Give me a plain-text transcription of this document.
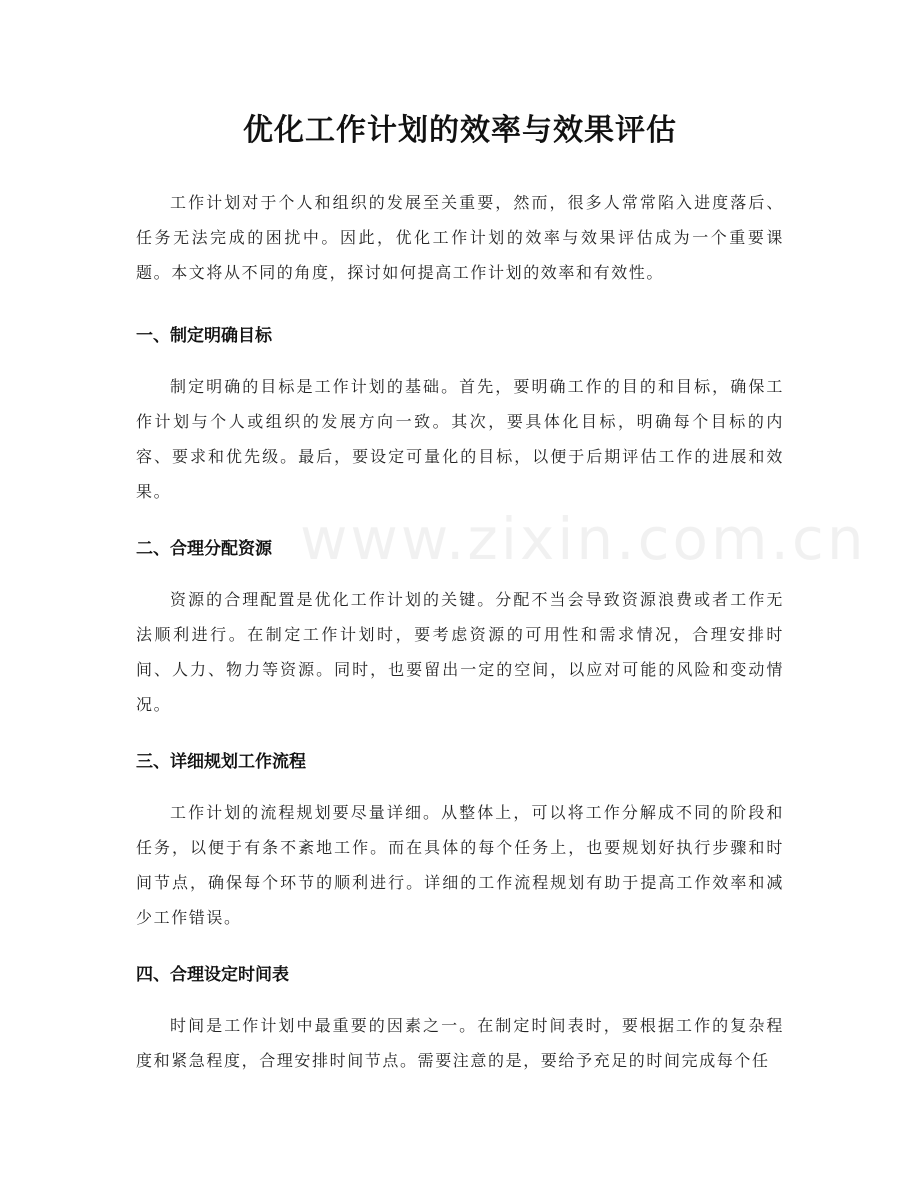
优化工作计划的效率与效果评估

工作计划对于个人和组织的发展至关重要，然而，很多人常常陷入进度落后、任务无法完成的困扰中。因此，优化工作计划的效率与效果评估成为一个重要课题。本文将从不同的角度，探讨如何提高工作计划的效率和有效性。

一、制定明确目标

制定明确的目标是工作计划的基础。首先，要明确工作的目的和目标，确保工作计划与个人或组织的发展方向一致。其次，要具体化目标，明确每个目标的内容、要求和优先级。最后，要设定可量化的目标，以便于后期评估工作的进展和效果。

二、合理分配资源

资源的合理配置是优化工作计划的关键。分配不当会导致资源浪费或者工作无法顺利进行。在制定工作计划时，要考虑资源的可用性和需求情况，合理安排时间、人力、物力等资源。同时，也要留出一定的空间，以应对可能的风险和变动情况。

三、详细规划工作流程

工作计划的流程规划要尽量详细。从整体上，可以将工作分解成不同的阶段和任务，以便于有条不紊地工作。而在具体的每个任务上，也要规划好执行步骤和时间节点，确保每个环节的顺利进行。详细的工作流程规划有助于提高工作效率和减少工作错误。

四、合理设定时间表

时间是工作计划中最重要的因素之一。在制定时间表时，要根据工作的复杂程度和紧急程度，合理安排时间节点。需要注意的是，要给予充足的时间完成每个任

www.zixin.com.cn
